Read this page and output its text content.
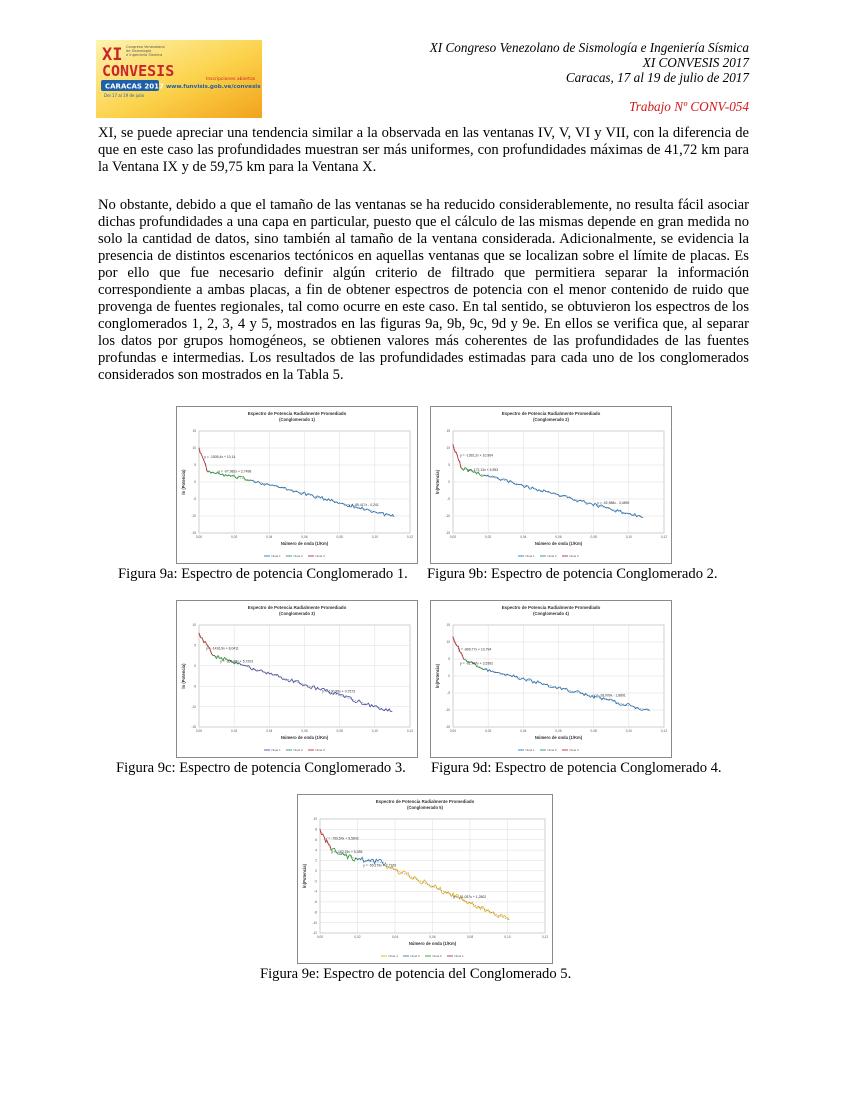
XI
CONVESIS
Congreso Venezolano
de Sismología
e Ingeniería Sísmica
CARACAS 2017
Del 17 al 19 de julio
Inscripciones abiertas
www.funvisis.gob.ve/convesis
XI Congreso Venezolano de Sismología e Ingeniería Sísmica
XI CONVESIS 2017
Caracas, 17 al 19 de julio de 2017
Trabajo Nº CONV-054

XI, se puede apreciar una tendencia similar a la observada en las ventanas IV, V, VI y VII, con la diferencia de que en este caso las profundidades muestran ser más uniformes, con profundidades máximas de 41,72 km para la Ventana IX y de 59,75 km para la Ventana X.

No obstante, debido a que el tamaño de las ventanas se ha reducido considerablemente, no resulta fácil asociar dichas profundidades a una capa en particular, puesto que el cálculo de las mismas depende en gran medida no solo la cantidad de datos, sino también al tamaño de la ventana considerada. Adicionalmente, se evidencia la presencia de distintos escenarios tectónicos en aquellas ventanas que se localizan sobre el límite de placas. Es por ello que fue necesario definir algún criterio de filtrado que permitiera separar la información correspondiente a ambas placas, a fin de obtener espectros de potencia con el menor contenido de ruido que provenga de fuentes regionales, tal como ocurre en este caso. En tal sentido, se obtuvieron los espectros de los conglomerados 1, 2, 3, 4 y 5, mostrados en las figuras 9a, 9b, 9c, 9d y 9e. En ellos se verifica que, al separar los datos por grupos homogéneos, se obtienen valores más coherentes de las profundidades de las fuentes profundas e intermedias. Los resultados de las profundidades estimadas para cada uno de los conglomerados considerados son mostrados en la Tabla 5.

Espectro de Potencia Radialmente Promediado
(Conglomerado 1)
-15
-10
-5
0
5
10
15
0,00	0,02	0,04	0,06	0,08	0,10	0,12
Número de onda (1/Km)
ln (Potencia)
y = -1505,4x + 10,14
y = -97,982x + 2,7498
y = -85,417x - 0,241
Nivel 1	Nivel 2	Nivel 3
Espectro de Potencia Radialmente Promediado
(Conglomerado 2)
-15
-10
-5
0
5
10
15
0,00	0,02	0,04	0,06	0,08	0,10	0,12
Número de onda (1/Km)
ln(Potencia)
y = -1392,2x + 10,964
y = -172,13x + 5,953
y = -92,988x - 3,4895
Nivel 1	Nivel 2	Nivel 3
Figura 9a: Espectro de potencia Conglomerado 1. Figura 9b: Espectro de potencia Conglomerado 2.
Espectro de Potencia Radialmente Promediado
(Conglomerado 3)
-15
-10
-5
0
5
10
0,00	0,02	0,04	0,06	0,08	0,10	0,12
Número de onda (1/Km)
ln (Potencia)
y = -1416,9x + 8,0411
y = -305,88x + 5,7203
y = -130,88x + 0,7573
Nivel 1	Nivel 2	Nivel 3
Espectro de Potencia Radialmente Promediado
(Conglomerado 4)
-15
-10
-5
0
5
10
15
0,00	0,02	0,04	0,06	0,08	0,10	0,12
Número de onda (1/Km)
ln(Potencia)
y = -899,77x + 10,794
y = -91,797x + 3,5392
y = -28,009x - 1,8891
Nivel 1	Nivel 2	Nivel 3
Figura 9c: Espectro de potencia Conglomerado 3. Figura 9d: Espectro de potencia Conglomerado 4.
Espectro de Potencia Radialmente Promediado
(Conglomerado 5)
-12
-10
-8
-6
-4
-2
0
2
4
6
8
10
0,00	0,02	0,04	0,06	0,08	0,10	0,12
Número de onda (1/Km)
ln(Potencia)
y = -790,54x + 9,5842
y = -183,19x + 5,055
y = -59,179x + 2,7329
y = -51,057x + 1,2802
Nivel 4	Nivel 3	Nivel 2	Nivel 1
Figura 9e: Espectro de potencia del Conglomerado 5.
